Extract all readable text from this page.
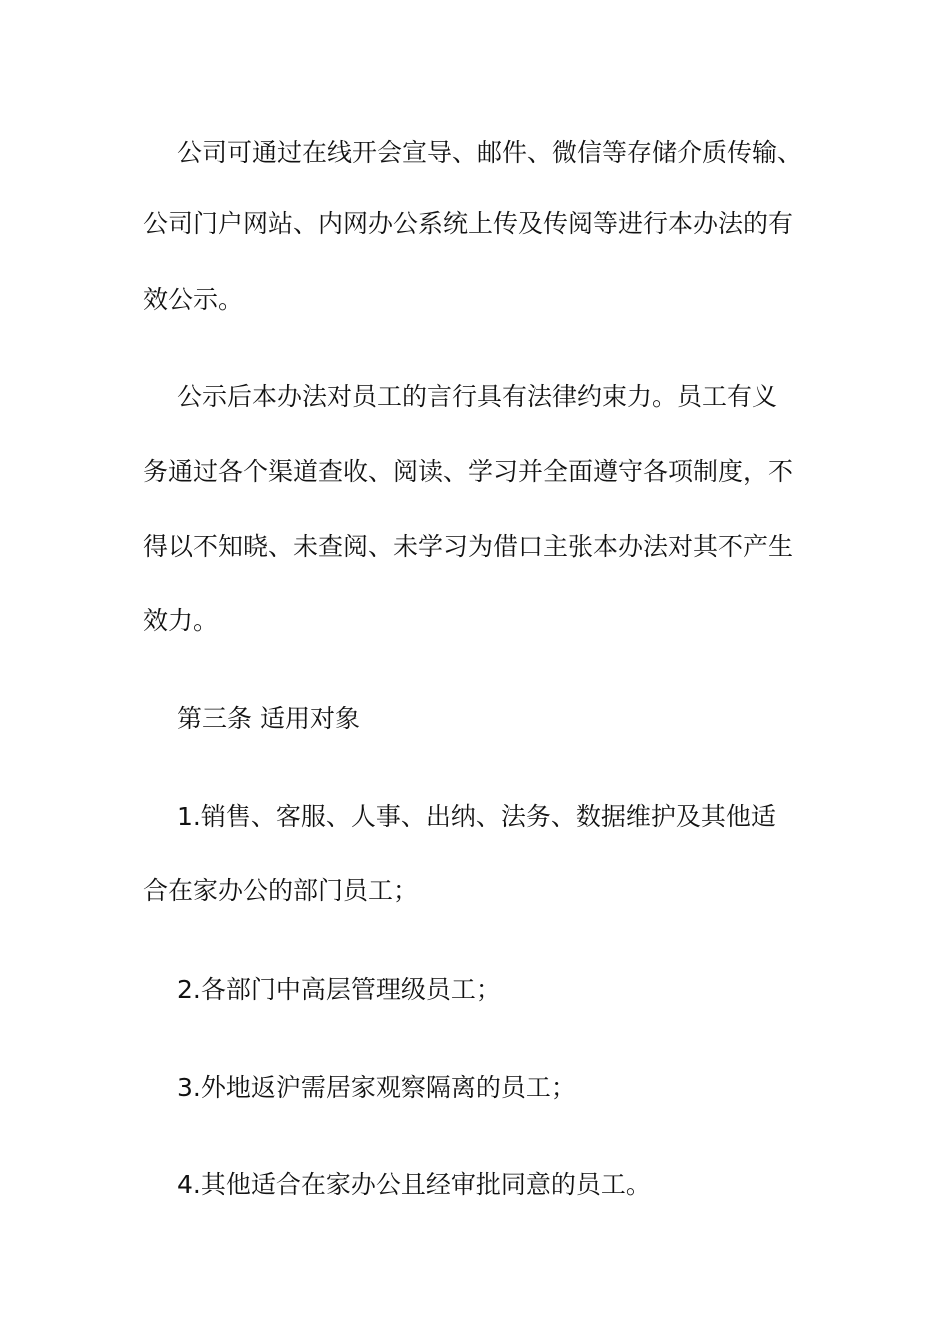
公司可通过在线开会宣导、邮件、微信等存储介质传输、
公司门户网站、内网办公系统上传及传阅等进行本办法的有
效公示。
公示后本办法对员工的言行具有法律约束力。员工有义
务通过各个渠道查收、阅读、学习并全面遵守各项制度，不
得以不知晓、未查阅、未学习为借口主张本办法对其不产生
效力。
第三条 适用对象
1.销售、客服、人事、出纳、法务、数据维护及其他适
合在家办公的部门员工；
2.各部门中高层管理级员工；
3.外地返沪需居家观察隔离的员工；
4.其他适合在家办公且经审批同意的员工。
